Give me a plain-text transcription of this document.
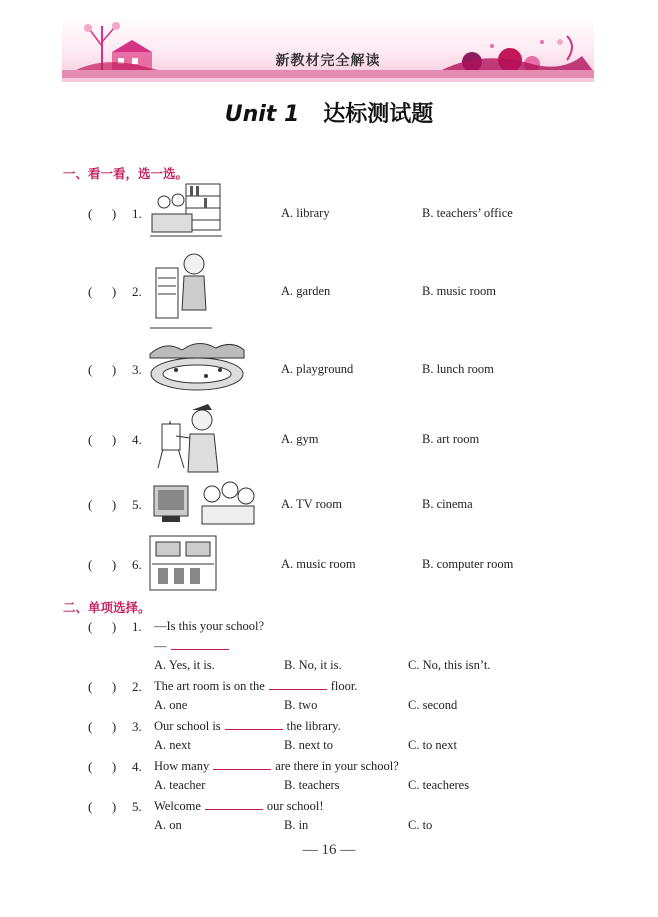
新教材完全解读
Unit 1 达标测试题
一、看一看，选一选。
(      ) 1.	A. library	B. teachers’ office
(      ) 2.	A. garden	B. music room
(      ) 3.	A. playground	B. lunch room
(      ) 4.	A. gym	B. art room
(      ) 5.	A. TV room	B. cinema
(      ) 6.	A. music room	B. computer room
二、单项选择。
(      ) 1. —Is this your school?
—
A. Yes, it is.	B. No, it is.	C. No, this isn’t.
(      ) 2. The art room is on the	floor.
A. one	B. two	C. second
(      ) 3. Our school is	the library.
A. next	B. next to	C. to next
(      ) 4. How many	are there in your school?
A. teacher	B. teachers	C. teacheres
(      ) 5. Welcome	our school!
A. on	B. in	C. to
— 16 —
